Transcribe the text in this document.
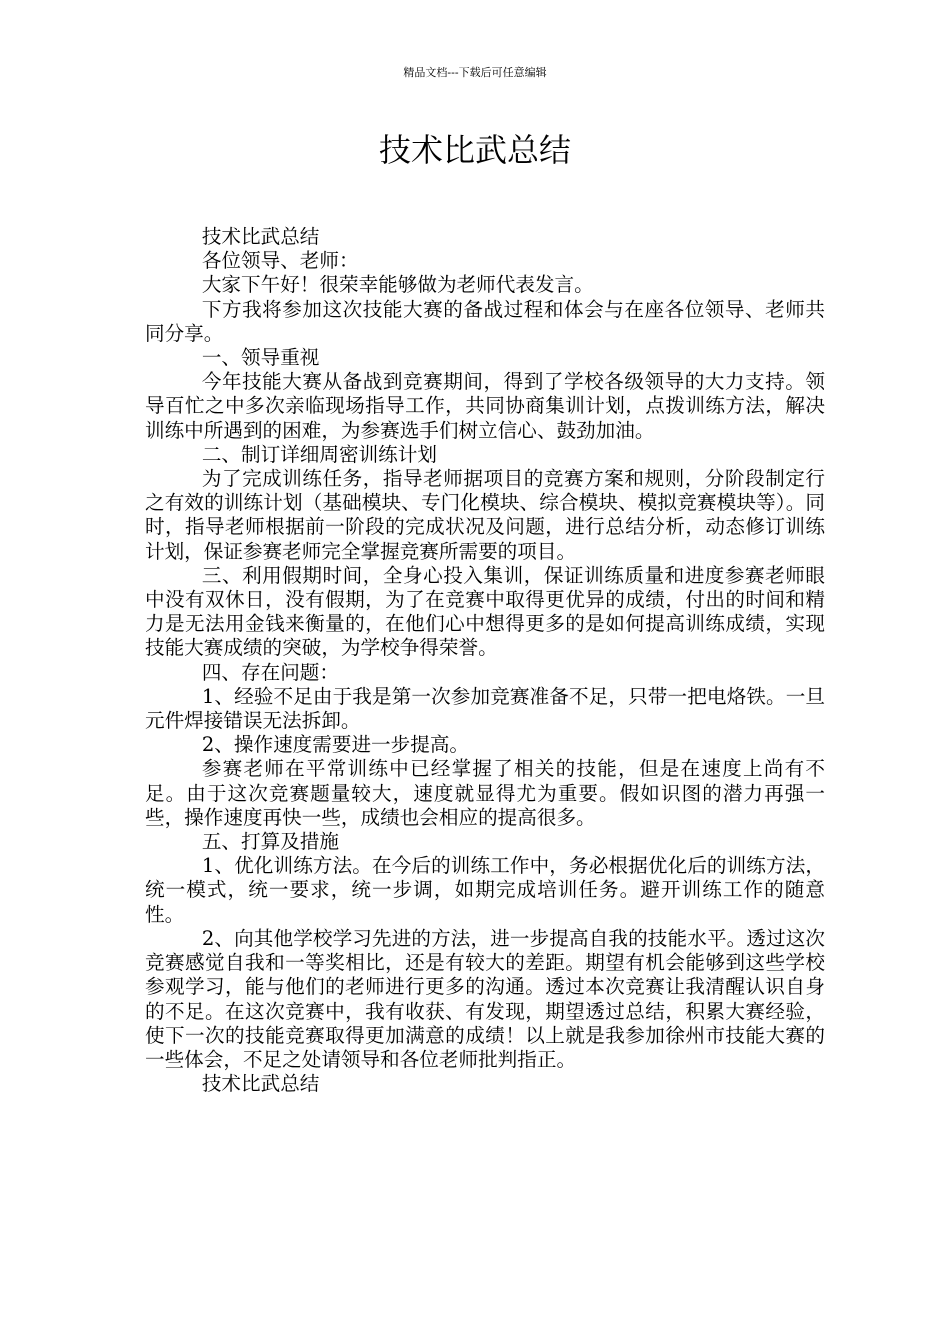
精品文档---下载后可任意编辑
技术比武总结

技术比武总结

各位领导、老师：

大家下午好！很荣幸能够做为老师代表发言。

下方我将参加这次技能大赛的备战过程和体会与在座各位领导、老师共同分享。

一、领导重视

今年技能大赛从备战到竞赛期间，得到了学校各级领导的大力支持。领导百忙之中多次亲临现场指导工作，共同协商集训计划，点拨训练方法，解决训练中所遇到的困难，为参赛选手们树立信心、鼓劲加油。

二、制订详细周密训练计划

为了完成训练任务，指导老师据项目的竞赛方案和规则，分阶段制定行之有效的训练计划（基础模块、专门化模块、综合模块、模拟竞赛模块等）。同时，指导老师根据前一阶段的完成状况及问题，进行总结分析，动态修订训练计划，保证参赛老师完全掌握竞赛所需要的项目。

三、利用假期时间，全身心投入集训，保证训练质量和进度参赛老师眼中没有双休日，没有假期，为了在竞赛中取得更优异的成绩，付出的时间和精力是无法用金钱来衡量的，在他们心中想得更多的是如何提高训练成绩，实现技能大赛成绩的突破，为学校争得荣誉。

四、存在问题：

1、经验不足由于我是第一次参加竞赛准备不足，只带一把电烙铁。一旦元件焊接错误无法拆卸。

2、操作速度需要进一步提高。

参赛老师在平常训练中已经掌握了相关的技能，但是在速度上尚有不足。由于这次竞赛题量较大，速度就显得尤为重要。假如识图的潜力再强一些，操作速度再快一些，成绩也会相应的提高很多。

五、打算及措施

1、优化训练方法。在今后的训练工作中，务必根据优化后的训练方法，统一模式，统一要求，统一步调，如期完成培训任务。避开训练工作的随意性。

2、向其他学校学习先进的方法，进一步提高自我的技能水平。透过这次竞赛感觉自我和一等奖相比，还是有较大的差距。期望有机会能够到这些学校参观学习，能与他们的老师进行更多的沟通。透过本次竞赛让我清醒认识自身的不足。在这次竞赛中，我有收获、有发现，期望透过总结，积累大赛经验，使下一次的技能竞赛取得更加满意的成绩！以上就是我参加徐州市技能大赛的一些体会，不足之处请领导和各位老师批判指正。

技术比武总结
